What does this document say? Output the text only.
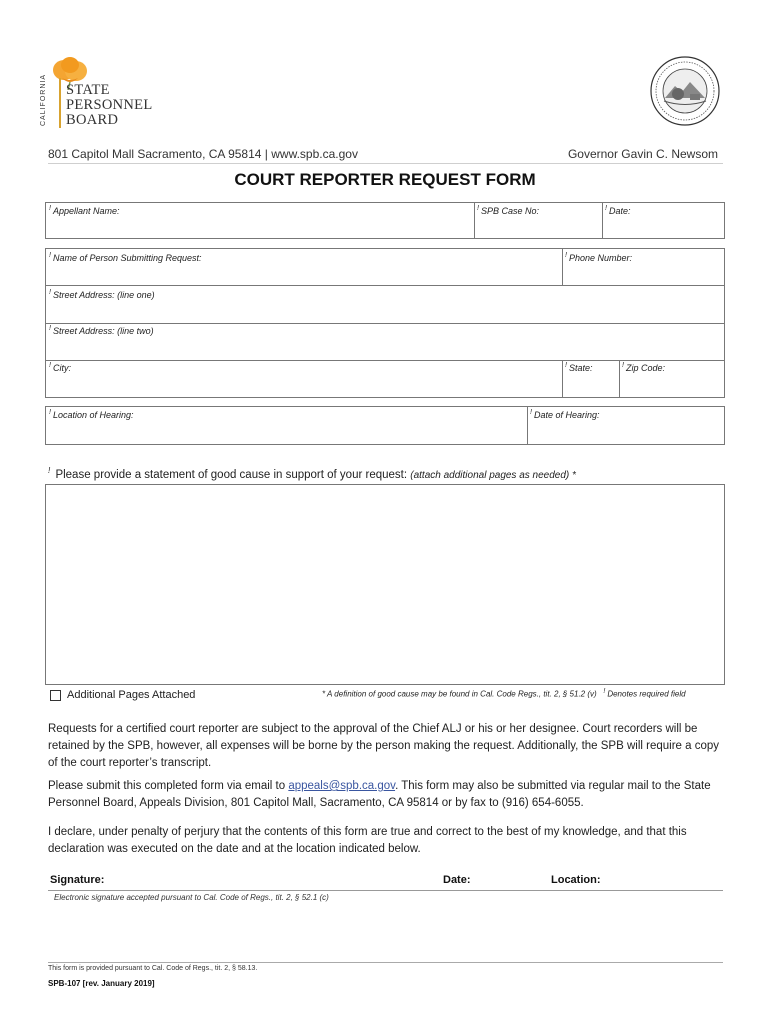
CALIFORNIA STATE
PERSONNEL
BOARD
801 Capitol Mall Sacramento, CA 95814 | www.spb.ca.gov	Governor Gavin C. Newsom
COURT REPORTER REQUEST FORM
! Appellant Name:	! SPB Case No:	! Date:
! Name of Person Submitting Request:	! Phone Number:
! Street Address: (line one)
! Street Address: (line two)
! City:	! State:	! Zip Code:
! Location of Hearing:	! Date of Hearing:
! Please provide a statement of good cause in support of your request: (attach additional pages as needed) *
Additional Pages Attached	* A definition of good cause may be found in Cal. Code Regs., tit. 2, § 51.2 (v) ! Denotes required field
Requests for a certified court reporter are subject to the approval of the Chief ALJ or his or her designee. Court recorders will be retained by the SPB, however, all expenses will be borne by the person making the request. Additionally, the SPB will require a copy of the court reporter’s transcript.
Please submit this completed form via email to appeals@spb.ca.gov. This form may also be submitted via regular mail to the State Personnel Board, Appeals Division, 801 Capitol Mall, Sacramento, CA 95814 or by fax to (916) 654-6055.
I declare, under penalty of perjury that the contents of this form are true and correct to the best of my knowledge, and that this declaration was executed on the date and at the location indicated below.
Signature:	Date:	Location:
Electronic signature accepted pursuant to Cal. Code of Regs., tit. 2, § 52.1 (c)
This form is provided pursuant to Cal. Code of Regs., tit. 2, § 58.13.
SPB-107 [rev. January 2019]
